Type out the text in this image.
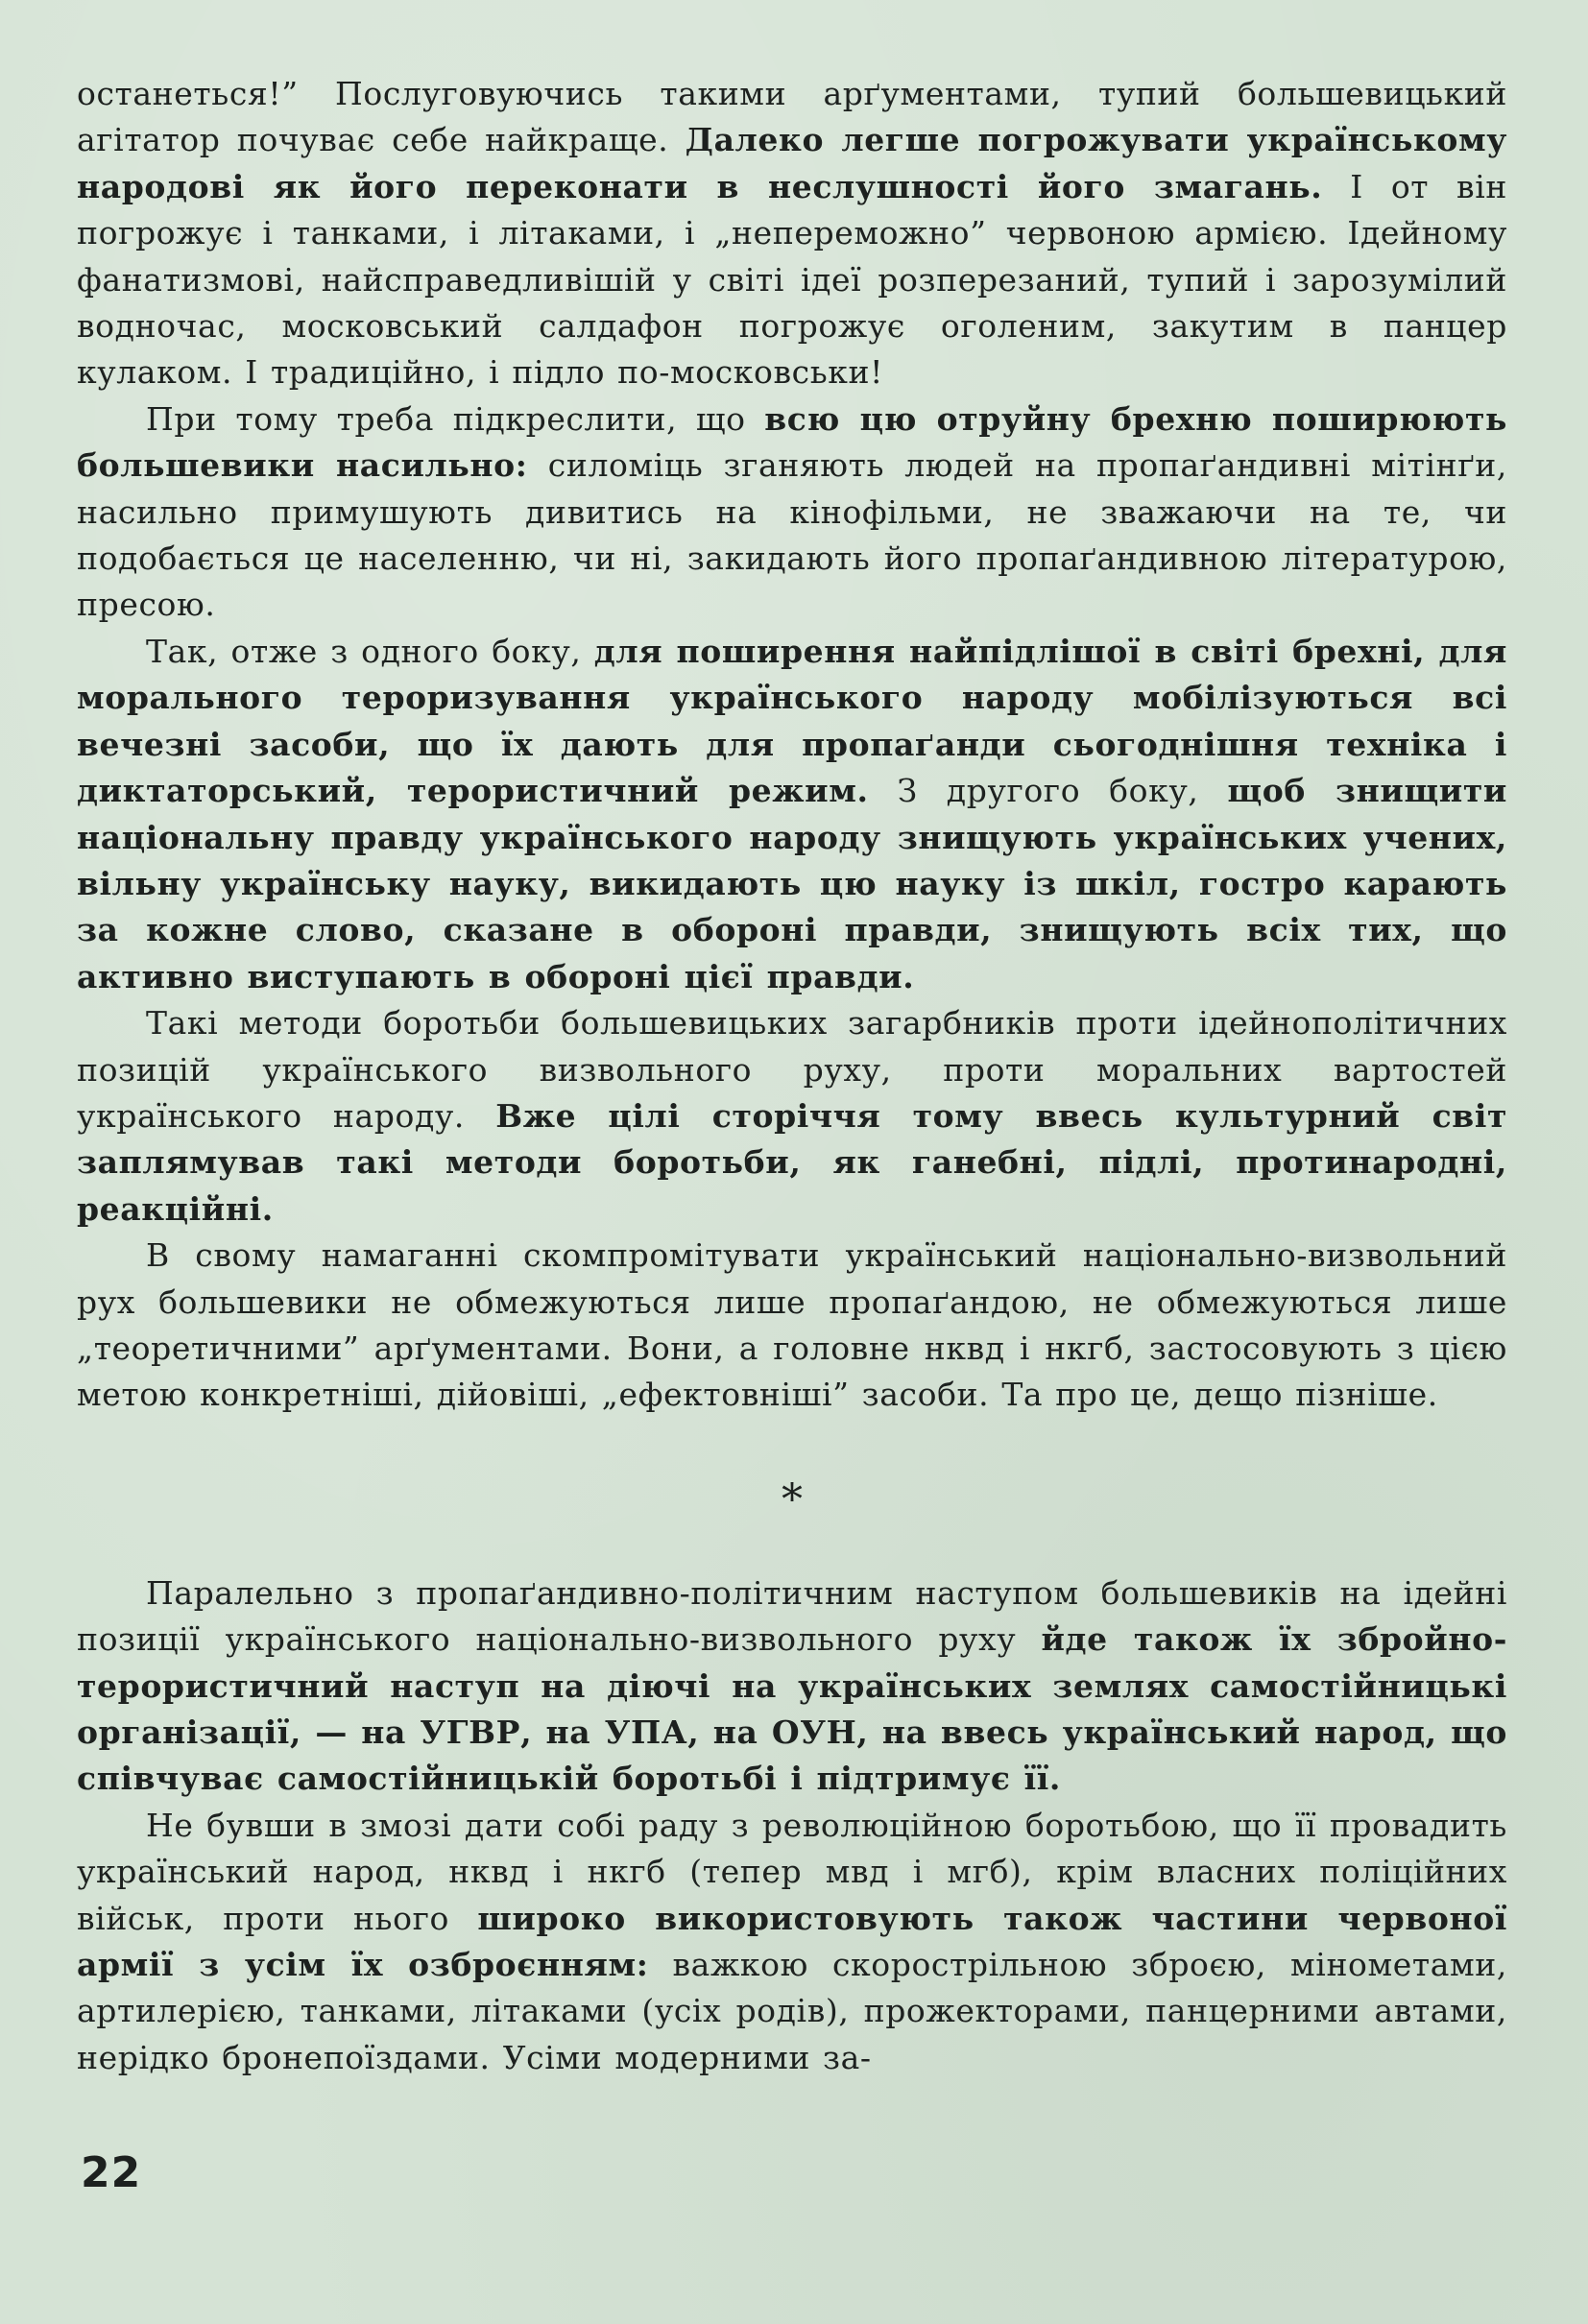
останеться!” Послуговуючись такими арґументами, тупий большевицький агітатор почуває себе найкраще. Далеко легше погрожувати українському народові як його переконати в неслушності його змагань. І от він погрожує і танками, і літаками, і „непереможно” червоною армією. Ідейному фанатизмові, найсправедливішій у світі ідеї розперезаний, тупий і зарозумілий водночас, московський салдафон погрожує оголеним, закутим в панцер кулаком. І традиційно, і підло по-московськи!

При тому треба підкреслити, що всю цю отруйну брехню поширюють большевики насильно: силоміць зганяють людей на пропаґандивні мітінґи, насильно примушують дивитись на кінофільми, не зважаючи на те, чи подобається це населенню, чи ні, закидають його пропаґандивною літературою, пресою.

Так, отже з одного боку, для поширення найпідлішої в світі брехні, для морального тероризування українського народу мобілізуються всі вечезні засоби, що їх дають для пропаґанди сьогоднішня техніка і диктаторський, терористичний режим. З другого боку, щоб знищити національну правду українського народу знищують українських учених, вільну українську науку, викидають цю науку із шкіл, гостро карають за кожне слово, сказане в обороні правди, знищують всіх тих, що активно виступають в обороні цієї правди.

Такі методи боротьби большевицьких загарбників проти ідейнополітичних позицій українського визвольного руху, проти моральних вартостей українського народу. Вже цілі сторіччя тому ввесь культурний світ заплямував такі методи боротьби, як ганебні, підлі, протинародні, реакційні.

В свому намаганні скомпромітувати український національно-визвольний рух большевики не обмежуються лише пропаґандою, не обмежуються лише „теоретичними” арґументами. Вони, а головне нквд і нкгб, застосовують з цією метою конкретніші, дійовіші, „ефектовніші” засоби. Та про це, дещо пізніше.

*

Паралельно з пропаґандивно-політичним наступом большевиків на ідейні позиції українського національно-визвольного руху йде також їх збройно-терористичний наступ на діючі на українських землях самостійницькі організації, — на УГВР, на УПА, на ОУН, на ввесь український народ, що співчуває самостійницькій боротьбі і підтримує її.

Не бувши в змозі дати собі раду з революційною боротьбою, що її провадить український народ, нквд і нкгб (тепер мвд і мгб), крім власних поліційних військ, проти нього широко використовують також частини червоної армії з усім їх озброєнням: важкою скорострільною зброєю, мінометами, артилерією, танками, літаками (усіх родів), прожекторами, панцерними автами, нерідко бронепоїздами. Усіми модерними за-

22
